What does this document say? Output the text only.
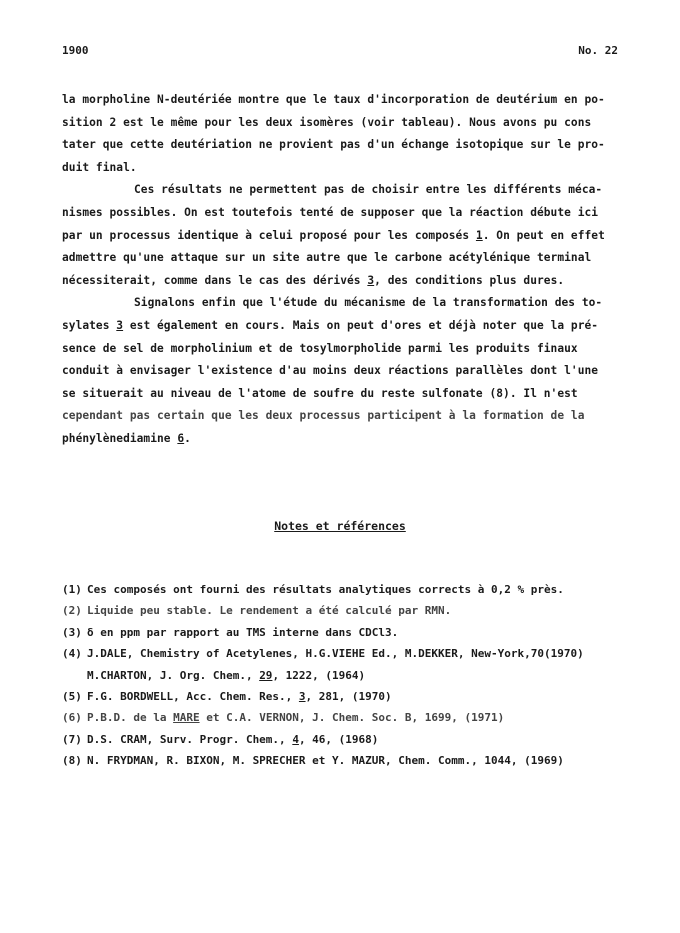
1900	No. 22
la morpholine N-deutériée montre que le taux d'incorporation de deutérium en po-
sition 2 est le même pour les deux isomères (voir tableau). Nous avons pu cons
tater que cette deutériation ne provient pas d'un échange isotopique sur le pro-
duit final.
Ces résultats ne permettent pas de choisir entre les différents méca-
nismes possibles. On est toutefois tenté de supposer que la réaction débute ici
par un processus identique à celui proposé pour les composés 1. On peut en effet
admettre qu'une attaque sur un site autre que le carbone acétylénique terminal
nécessiterait, comme dans le cas des dérivés 3, des conditions plus dures.
Signalons enfin que l'étude du mécanisme de la transformation des to-
sylates 3 est également en cours. Mais on peut d'ores et déjà noter que la pré-
sence de sel de morpholinium et de tosylmorpholide parmi les produits finaux
conduit à envisager l'existence d'au moins deux réactions parallèles dont l'une
se situerait au niveau de l'atome de soufre du reste sulfonate (8). Il n'est
cependant pas certain que les deux processus participent à la formation de la
phénylènediamine 6.
Notes et références
(1) Ces composés ont fourni des résultats analytiques corrects à 0,2 % près.
(2) Liquide peu stable. Le rendement a été calculé par RMN.
(3) δ en ppm par rapport au TMS interne dans CDCl3.
(4) J.DALE, Chemistry of Acetylenes, H.G.VIEHE Ed., M.DEKKER, New-York,70(1970)
M.CHARTON, J. Org. Chem., 29, 1222, (1964)
(5) F.G. BORDWELL, Acc. Chem. Res., 3, 281, (1970)
(6) P.B.D. de la MARE et C.A. VERNON, J. Chem. Soc. B, 1699, (1971)
(7) D.S. CRAM, Surv. Progr. Chem., 4, 46, (1968)
(8) N. FRYDMAN, R. BIXON, M. SPRECHER et Y. MAZUR, Chem. Comm., 1044, (1969)
